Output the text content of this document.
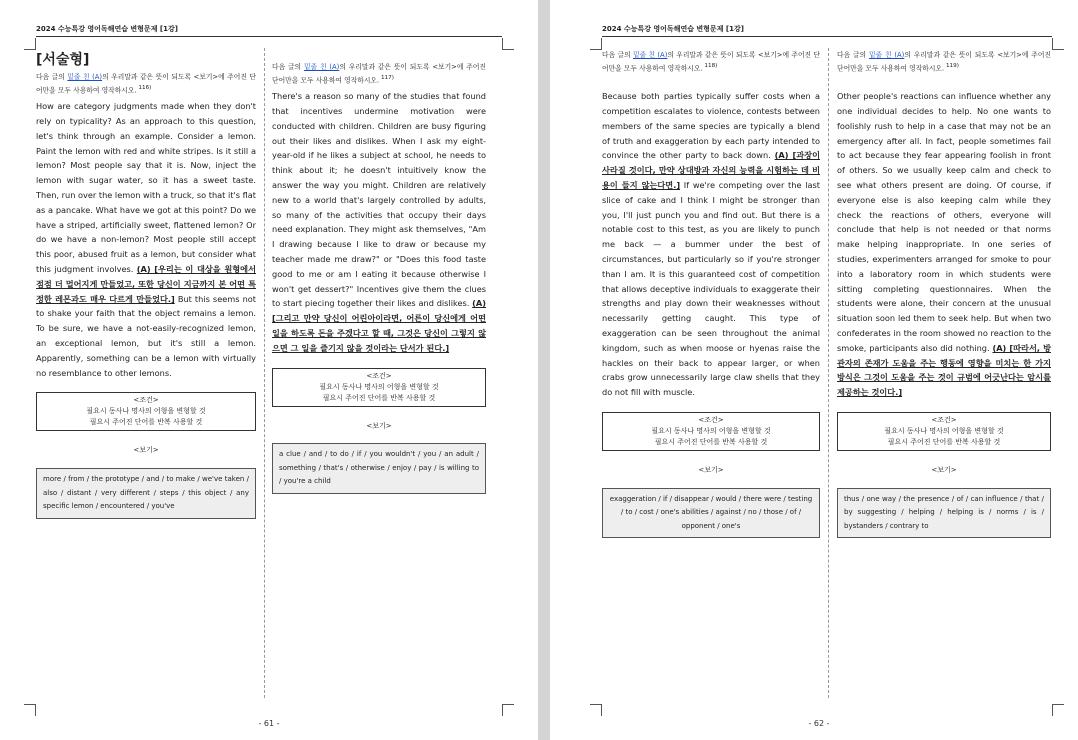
2024 수능특강 영어독해연습 변형문제 [1강]
[서술형]
다음 글의 밑줄 친 (A)의 우리말과 같은 뜻이 되도록 <보기>에 주어진 단어만을 모두 사용하여 영작하시오. $^{116)}$
How are category judgments made when they don't rely on typicality? As an approach to this question, let's think through an example. Consider a lemon. Paint the lemon with red and white stripes. Is it still a lemon? Most people say that it is. Now, inject the lemon with sugar water, so it has a sweet taste. Then, run over the lemon with a truck, so that it's flat as a pancake. What have we got at this point? Do we have a striped, artificially sweet, flattened lemon? Or do we have a non-lemon? Most people still accept this poor, abused fruit as a lemon, but consider what this judgment involves. (A) [우리는 이 대상을 원형에서 점점 더 멀어지게 만들었고, 또한 당신이 지금까지 본 어떤 특정한 레몬과도 매우 다르게 만들었다.] But this seems not to shake your faith that the object remains a lemon. To be sure, we have a not-easily-recognized lemon, an exceptional lemon, but it's still a lemon. Apparently, something can be a lemon with virtually no resemblance to other lemons.
<조건>
필요시 동사나 명사의 어형을 변형할 것
필요시 주어진 단어를 반복 사용할 것
<보기>
more / from / the prototype / and / to make / we've taken / also / distant / very different / steps / this object / any specific lemon / encountered / you've
다음 글의 밑줄 친 (A)의 우리말과 같은 뜻이 되도록 <보기>에 주어진 단어만을 모두 사용하여 영작하시오. $^{117)}$
There's a reason so many of the studies that found that incentives undermine motivation were conducted with children. Children are busy figuring out their likes and dislikes. When I ask my eight-year-old if he likes a subject at school, he needs to think about it; he doesn't intuitively know the answer the way you might. Children are relatively new to a world that's largely controlled by adults, so many of the activities that occupy their days need explanation. They might ask themselves, "Am I drawing because I like to draw or because my teacher made me draw?" or "Does this food taste good to me or am I eating it because otherwise I won't get dessert?" Incentives give them the clues to start piecing together their likes and dislikes. (A) [그리고 만약 당신이 어린아이라면, 어른이 당신에게 어떤 일을 하도록 돈을 주겠다고 할 때, 그것은 당신이 그렇지 않으면 그 일을 즐기지 않을 것이라는 단서가 된다.]
<조건>
필요시 동사나 명사의 어형을 변형할 것
필요시 주어진 단어를 반복 사용할 것
<보기>
a clue / and / to do / if / you wouldn't / you / an adult / something / that's / otherwise / enjoy / pay / is willing to / you're a child
- 61 -
2024 수능특강 영어독해연습 변형문제 [1강]
다음 글의 밑줄 친 (A)의 우리말과 같은 뜻이 되도록 <보기>에 주어진 단어만을 모두 사용하여 영작하시오. $^{118)}$
Because both parties typically suffer costs when a competition escalates to violence, contests between members of the same species are typically a blend of truth and exaggeration by each party intended to convince the other party to back down. (A) [과장이 사라질 것이다, 만약 상대방과 자신의 능력을 시험하는 데 비용이 들지 않는다면.] If we're competing over the last slice of cake and I think I might be stronger than you, I'll just punch you and find out. But there is a notable cost to this test, as you are likely to punch me back — a bummer under the best of circumstances, but particularly so if you're stronger than I am. It is this guaranteed cost of competition that allows deceptive individuals to exaggerate their strengths and play down their weaknesses without necessarily getting caught. This type of exaggeration can be seen throughout the animal kingdom, such as when moose or hyenas raise the hackles on their back to appear larger, or when crabs grow unnecessarily large claw shells that they do not fill with muscle.
<조건>
필요시 동사나 명사의 어형을 변형할 것
필요시 주어진 단어를 반복 사용할 것
<보기>
exaggeration / if / disappear / would / there were / testing / to / cost / one's abilities / against / no / those / of / opponent / one's
다음 글의 밑줄 친 (A)의 우리말과 같은 뜻이 되도록 <보기>에 주어진 단어만을 모두 사용하여 영작하시오. $^{119)}$
Other people's reactions can influence whether any one individual decides to help. No one wants to foolishly rush to help in a case that may not be an emergency after all. In fact, people sometimes fail to act because they fear appearing foolish in front of others. So we usually keep calm and check to see what others present are doing. Of course, if everyone else is also keeping calm while they check the reactions of others, everyone will conclude that help is not needed or that norms make helping inappropriate. In one series of studies, experimenters arranged for smoke to pour into a laboratory room in which students were sitting completing questionnaires. When the students were alone, their concern at the unusual situation soon led them to seek help. But when two confederates in the room showed no reaction to the smoke, participants also did nothing. (A) [따라서, 방관자의 존재가 도움을 주는 행동에 영향을 미치는 한 가지 방식은 그것이 도움을 주는 것이 규범에 어긋난다는 암시를 제공하는 것이다.]
<조건>
필요시 동사나 명사의 어형을 변형할 것
필요시 주어진 단어를 반복 사용할 것
<보기>
thus / one way / the presence / of / can influence / that / by suggesting / helping / helping is / norms / is / bystanders / contrary to
- 62 -
